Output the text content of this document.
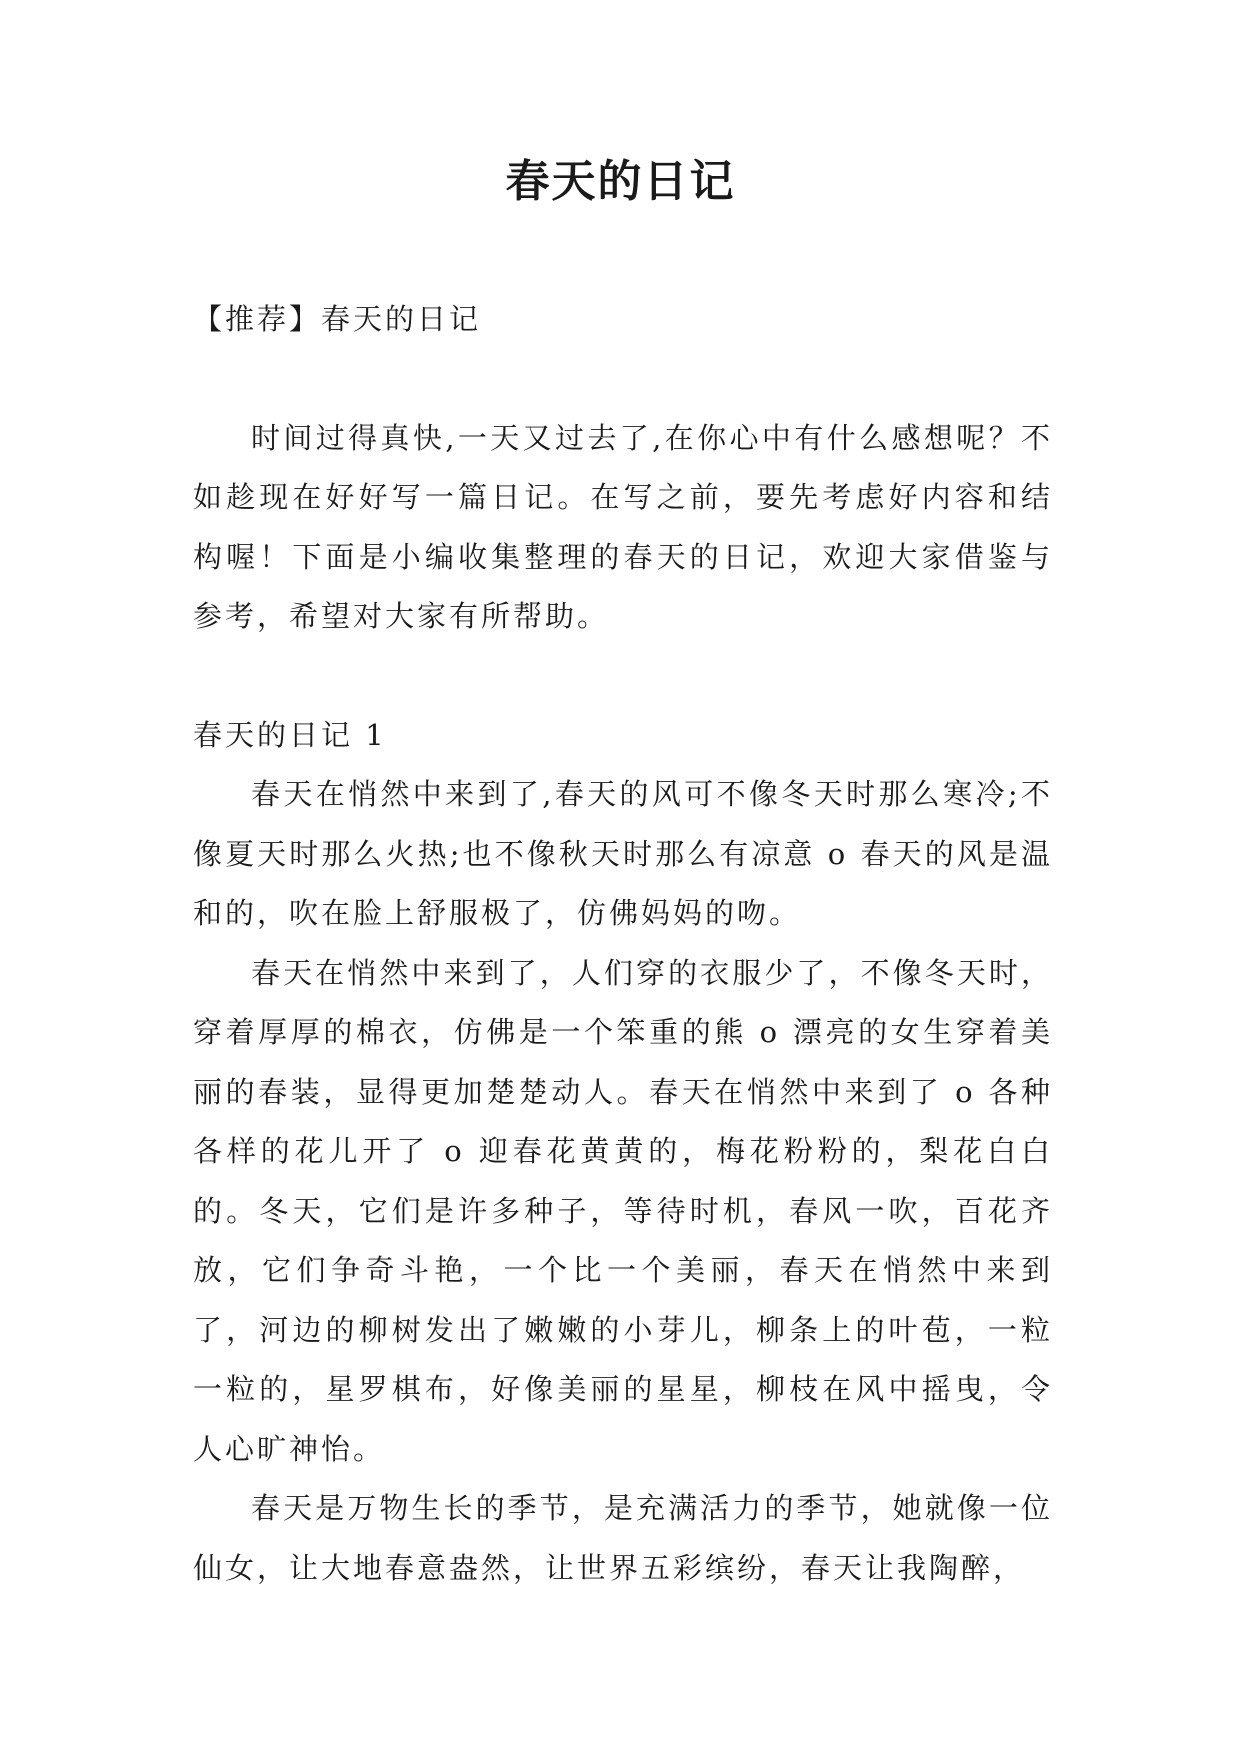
春天的日记

【推荐】春天的日记

时间过得真快,一天又过去了,在你心中有什么感想呢？不如趁现在好好写一篇日记。在写之前，要先考虑好内容和结构喔！下面是小编收集整理的春天的日记，欢迎大家借鉴与参考，希望对大家有所帮助。

春天的日记 1

春天在悄然中来到了,春天的风可不像冬天时那么寒冷;不像夏天时那么火热;也不像秋天时那么有凉意 o 春天的风是温和的，吹在脸上舒服极了，仿佛妈妈的吻。

春天在悄然中来到了，人们穿的衣服少了，不像冬天时，穿着厚厚的棉衣，仿佛是一个笨重的熊 o 漂亮的女生穿着美丽的春装，显得更加楚楚动人。春天在悄然中来到了 o 各种各样的花儿开了 o 迎春花黄黄的，梅花粉粉的，梨花白白的。冬天，它们是许多种子，等待时机，春风一吹，百花齐放，它们争奇斗艳，一个比一个美丽，春天在悄然中来到了，河边的柳树发出了嫩嫩的小芽儿，柳条上的叶苞，一粒一粒的，星罗棋布，好像美丽的星星，柳枝在风中摇曳，令人心旷神怡。

春天是万物生长的季节，是充满活力的季节，她就像一位仙女，让大地春意盎然，让世界五彩缤纷，春天让我陶醉，
